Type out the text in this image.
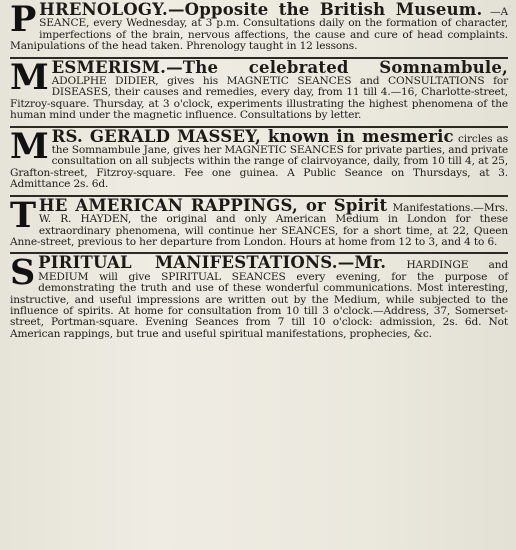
PHRENOLOGY.—Opposite the British Museum. —A SEANCE, every Wednesday, at 3 p.m. Consultations daily on the formation of character, imperfections of the brain, nervous affections, the cause and cure of head complaints. Manipulations of the head taken. Phrenology taught in 12 lessons.

MESMERISM.—The celebrated Somnambule, ADOLPHE DIDIER, gives his MAGNETIC SEANCES and CONSULTATIONS for DISEASES, their causes and remedies, every day, from 11 till 4.—16, Charlotte-street, Fitzroy-square. Thursday, at 3 o'clock, experiments illustrating the highest phenomena of the human mind under the magnetic influence. Consultations by letter.

MRS. GERALD MASSEY, known in mesmeric circles as the Somnambule Jane, gives her MAGNETIC SEANCES for private parties, and private consultation on all subjects within the range of clairvoyance, daily, from 10 till 4, at 25, Grafton-street, Fitzroy-square. Fee one guinea. A Public Seance on Thursdays, at 3. Admittance 2s. 6d.

THE AMERICAN RAPPINGS, or Spirit Manifestations.—Mrs. W. R. HAYDEN, the original and only American Medium in London for these extraordinary phenomena, will continue her SEANCES, for a short time, at 22, Queen Anne-street, previous to her departure from London. Hours at home from 12 to 3, and 4 to 6.

SPIRITUAL MANIFESTATIONS.—Mr. HARDINGE and MEDIUM will give SPIRITUAL SEANCES every evening, for the purpose of demonstrating the truth and use of these wonderful communications. Most interesting, instructive, and useful impressions are written out by the Medium, while subjected to the influence of spirits. At home for consultation from 10 till 3 o'clock.—Address, 37, Somerset-street, Portman-square. Evening Seances from 7 till 10 o'clock: admission, 2s. 6d. Not American rappings, but true and useful spiritual manifestations, prophecies, &c.
